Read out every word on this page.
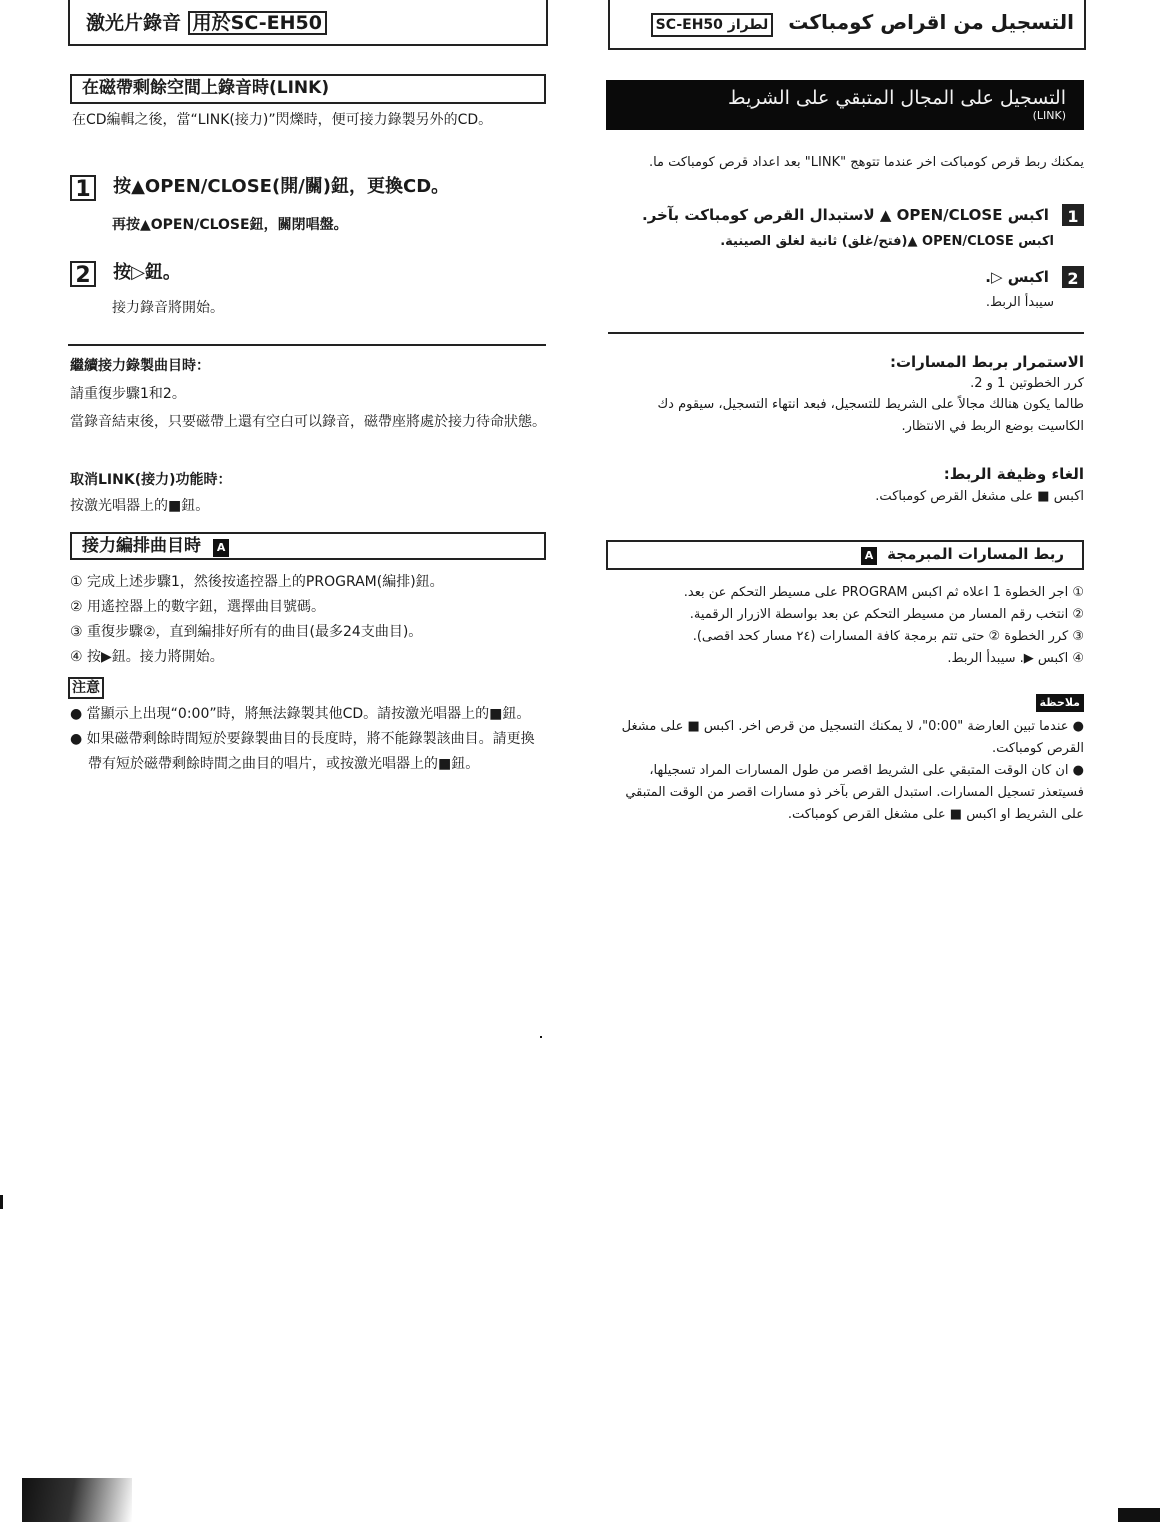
激光片錄音 用於SC-EH50
在磁帶剩餘空間上錄音時(LINK)
在CD編輯之後，當“LINK(接力)”閃爍時，便可接力錄製另外的CD。
1 按▲OPEN/CLOSE(開/關)鈕，更換CD。
再按▲OPEN/CLOSE鈕，關閉唱盤。
2 按▷鈕。
接力錄音將開始。
繼續接力錄製曲目時：
請重復步驟1和2。
當錄音結束後，只要磁帶上還有空白可以錄音，磁帶座將處於接力待命狀態。
取消LINK(接力)功能時：
按激光唱器上的■鈕。
接力編排曲目時 A
① 完成上述步驟1，然後按遙控器上的PROGRAM(編排)鈕。
② 用遙控器上的數字鈕，選擇曲目號碼。
③ 重復步驟②，直到編排好所有的曲目(最多24支曲目)。
④ 按▶鈕。接力將開始。
注意
● 當顯示上出現“0:00”時，將無法錄製其他CD。請按激光唱器上的■鈕。
● 如果磁帶剩餘時間短於要錄製曲目的長度時，將不能錄製該曲目。請更換帶有短於磁帶剩餘時間之曲目的唱片，或按激光唱器上的■鈕。
التسجيل من اقراص كومباكت لطراز SC-EH50
التسجيل على المجال المتبقي على الشريط
(LINK)
يمكنك ربط قرص كومباكت اخر عندما تتوهج "LINK" بعد اعداد قرص كومباكت ما.
1 اكبس OPEN/CLOSE ▲ لاستبدال القرص كومباكت بآخر.
اكبس OPEN/CLOSE ▲(فتح/غلق) ثانية لغلق الصينية.
2 اكبس ▷.
سيبدأ الربط.
الاستمرار بربط المسارات:
كرر الخطوتين 1 و 2.
طالما يكون هنالك مجالاً على الشريط للتسجيل، فبعد انتهاء التسجيل، سيقوم دك الكاسيت بوضع الربط في الانتظار.
الغاء وظيفة الربط:
اكبس ■ على مشغل القرص كومباكت.
ربط المسارات المبرمجة A
① اجر الخطوة 1 اعلاه ثم اكبس PROGRAM على مسيطر التحكم عن بعد.
② انتخب رقم المسار من مسيطر التحكم عن بعد بواسطة الازرار الرقمية.
③ كرر الخطوة ② حتى تتم برمجة كافة المسارات (٢٤ مسار كحد اقصى).
④ اكبس ▶. سيبدأ الربط.
ملاحظة
● عندما تبين العارضة "0:00"، لا يمكنك التسجيل من قرص اخر. اكبس ■ على مشغل القرص كومباكت.
● ان كان الوقت المتبقي على الشريط اقصر من طول المسارات المراد تسجيلها، فسيتعذر تسجيل المسارات. استبدل القرص بآخر ذو مسارات اقصر من الوقت المتبقي على الشريط او اكبس ■ على مشغل القرص كومباكت.
